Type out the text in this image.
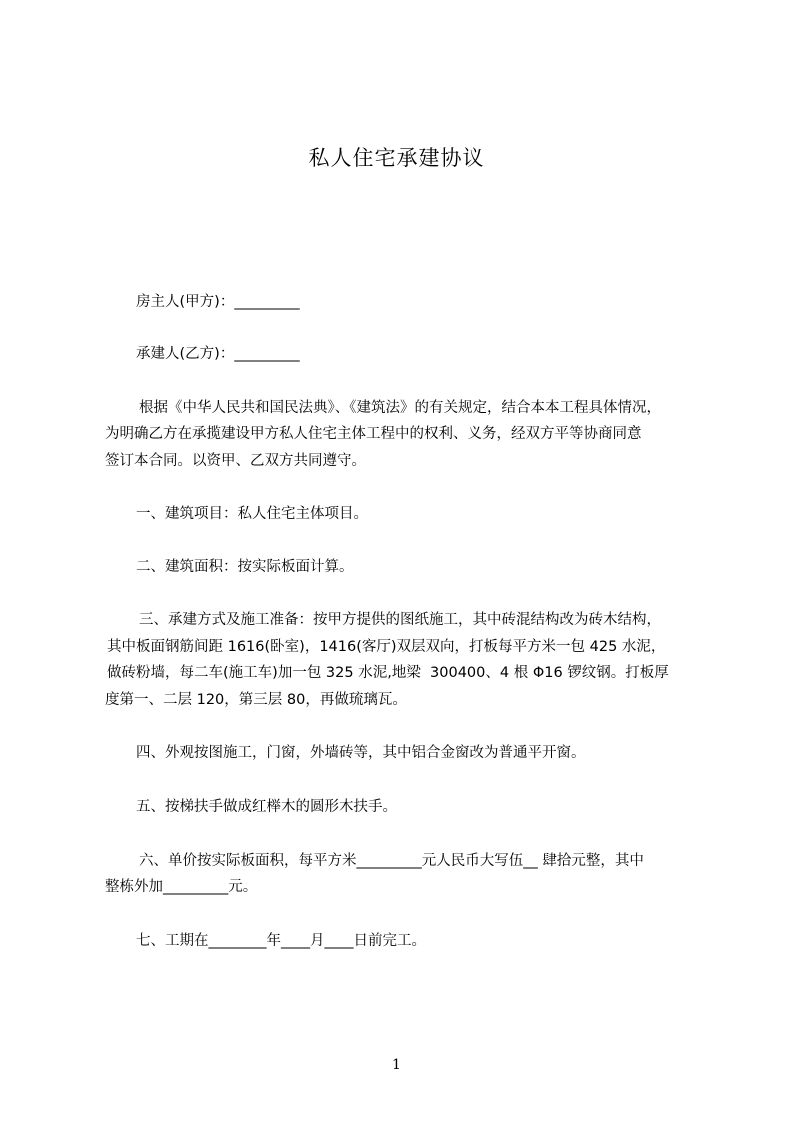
私人住宅承建协议

房主人(甲方)：_________

承建人(乙方)：_________

根据《中华人民共和国民法典》、《建筑法》的有关规定，结合本本工程具体情况，

为明确乙方在承揽建设甲方私人住宅主体工程中的权利、义务，经双方平等协商同意

签订本合同。以资甲、乙双方共同遵守。

一、建筑项目：私人住宅主体项目。

二、建筑面积：按实际板面计算。

三、承建方式及施工准备：按甲方提供的图纸施工，其中砖混结构改为砖木结构，

其中板面钢筋间距 1616(卧室)，1416(客厅)双层双向，打板每平方米一包 425 水泥，

做砖粉墙，每二车(施工车)加一包 325 水泥,地梁  300400、4 根 Φ16 锣纹钢。打板厚

度第一、二层 120，第三层 80，再做琉璃瓦。

四、外观按图施工，门窗，外墙砖等，其中铝合金窗改为普通平开窗。

五、按梯扶手做成红榉木的圆形木扶手。

六、单价按实际板面积，每平方米_________元人民币大写伍__ 肆拾元整，其中

整栋外加_________元。

七、工期在________年____月____日前完工。

1
